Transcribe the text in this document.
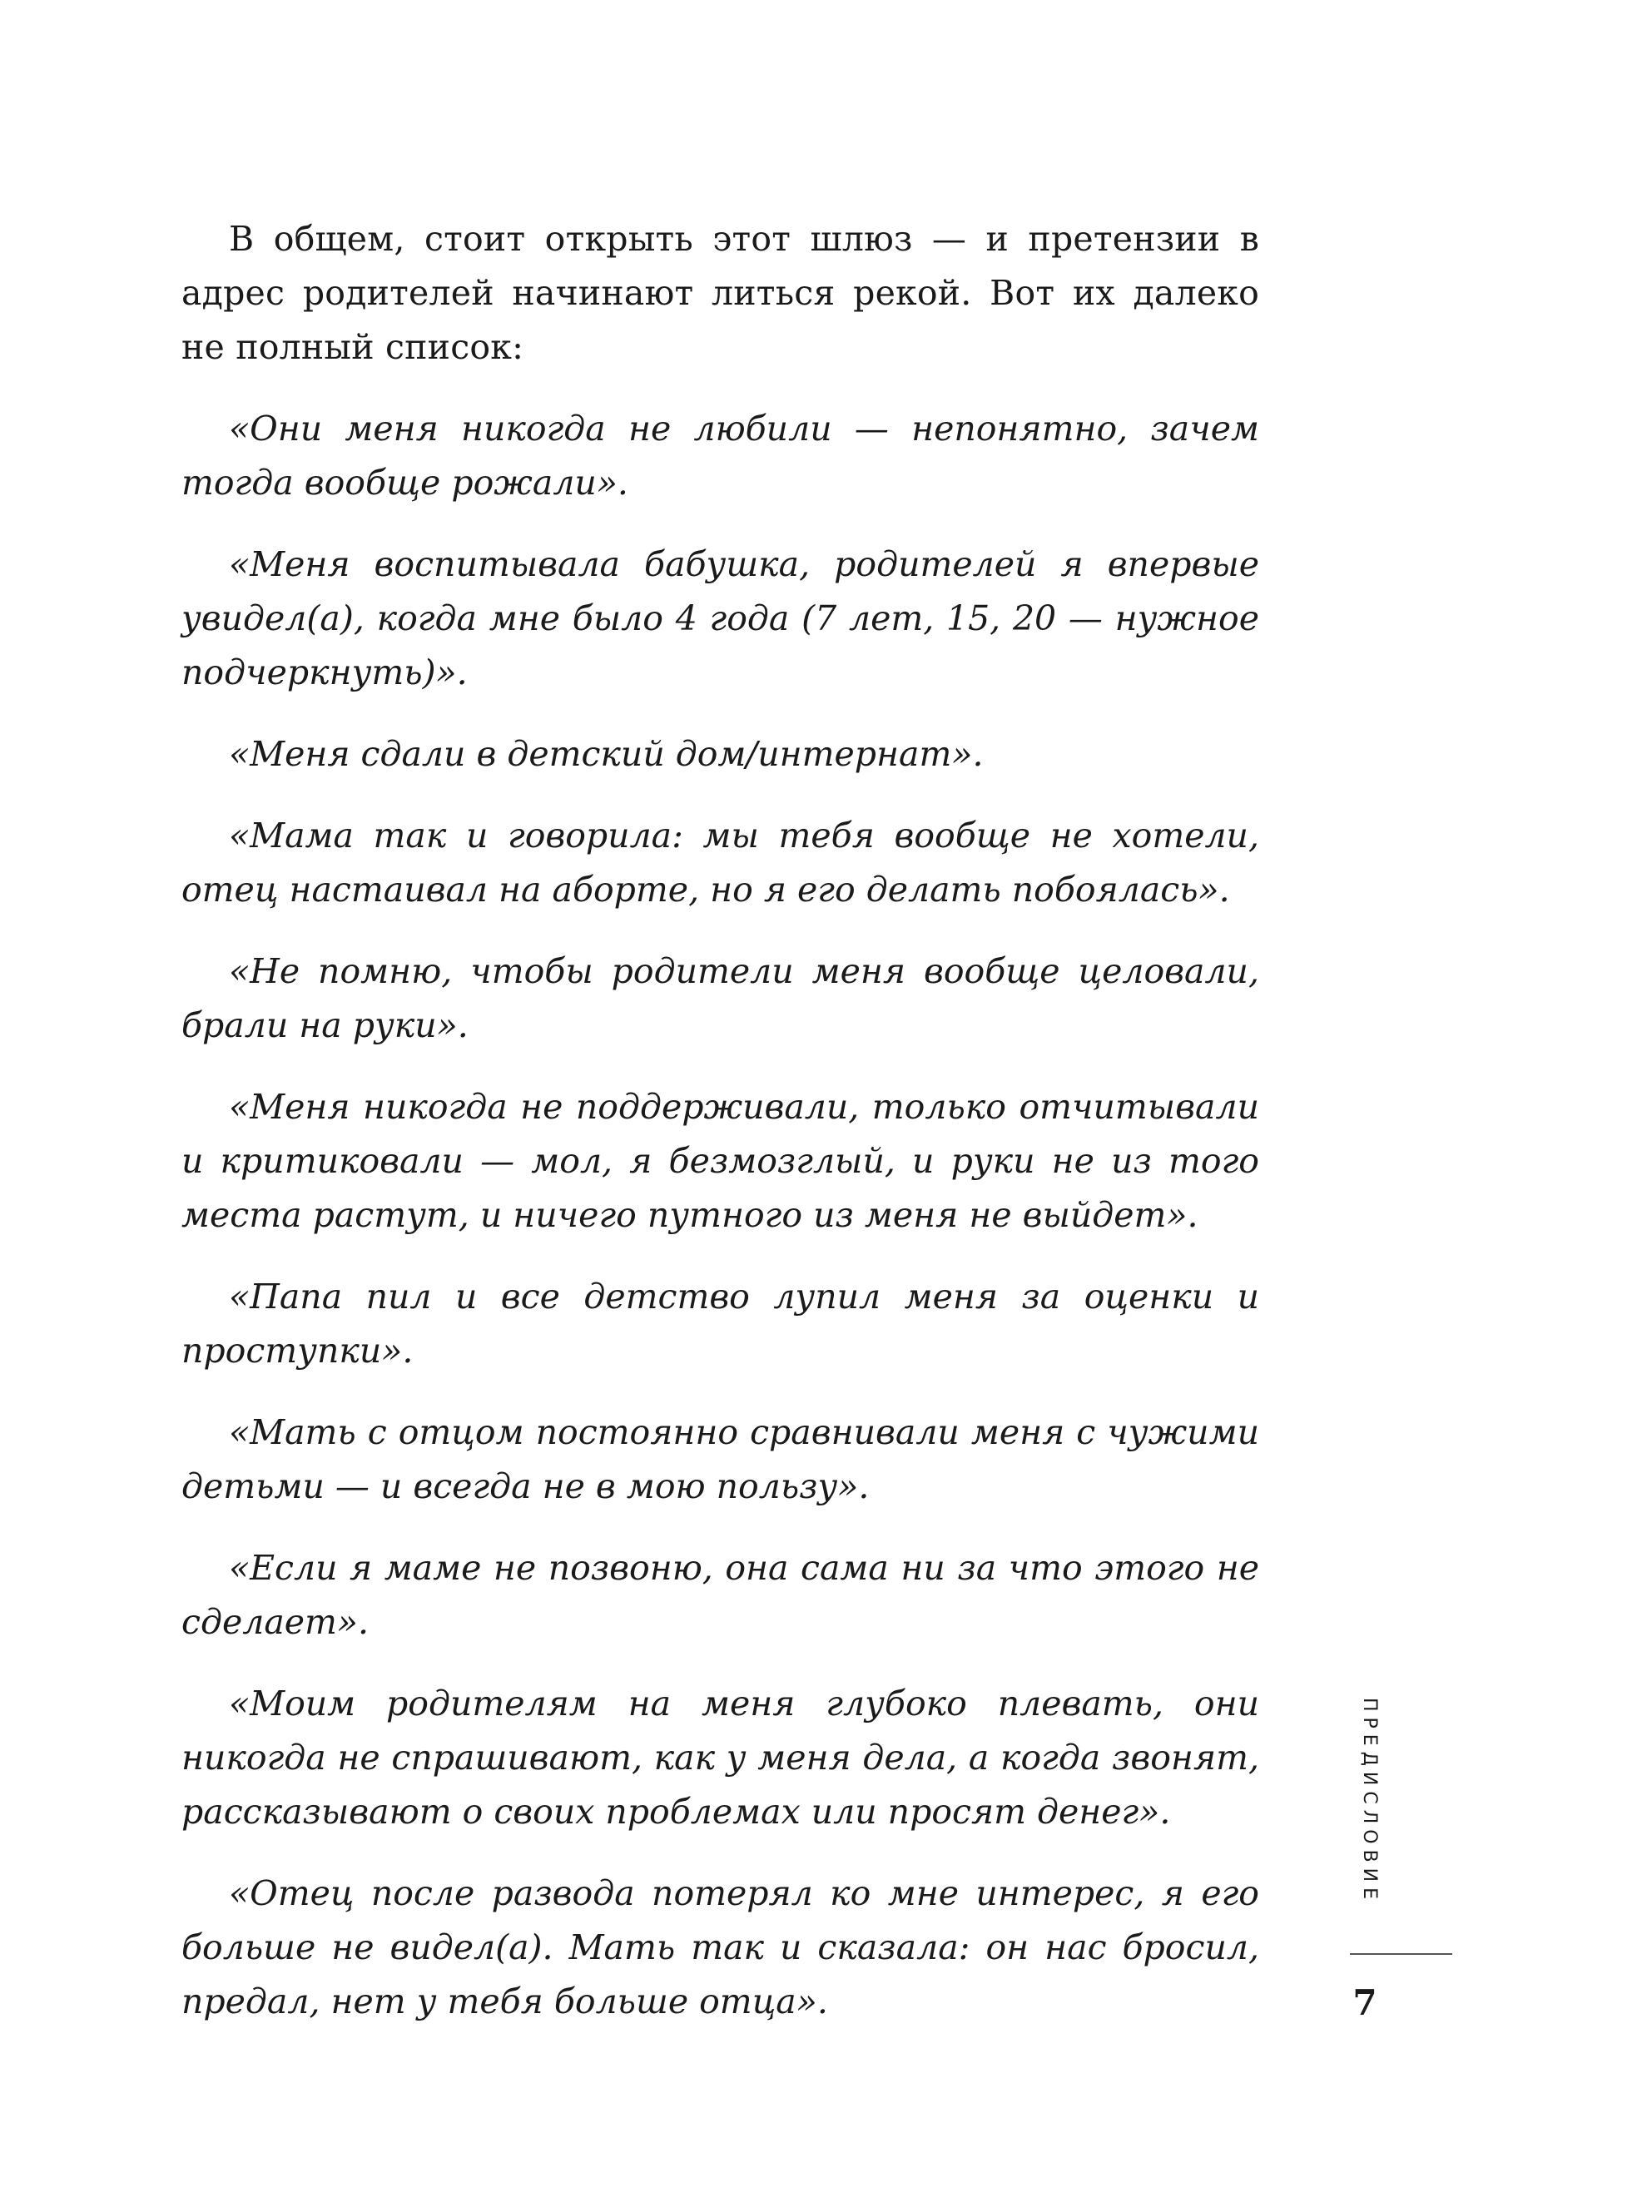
В общем, стоит открыть этот шлюз — и претензии в адрес родителей начинают литься рекой. Вот их далеко не полный список:

«Они меня никогда не любили — непонятно, зачем тогда вообще рожали».

«Меня воспитывала бабушка, родителей я впервые увидел(а), когда мне было 4 года (7 лет, 15, 20 — нужное подчеркнуть)».

«Меня сдали в детский дом/интернат».

«Мама так и говорила: мы тебя вообще не хотели, отец настаивал на аборте, но я его делать побоялась».

«Не помню, чтобы родители меня вообще целовали, брали на руки».

«Меня никогда не поддерживали, только отчитывали и критиковали — мол, я безмозглый, и руки не из того места растут, и ничего путного из меня не выйдет».

«Папа пил и все детство лупил меня за оценки и проступки».

«Мать с отцом постоянно сравнивали меня с чужими детьми — и всегда не в мою пользу».

«Если я маме не позвоню, она сама ни за что этого не сделает».

«Моим родителям на меня глубоко плевать, они никогда не спрашивают, как у меня дела, а когда звонят, рассказывают о своих проблемах или просят денег».

«Отец после развода потерял ко мне интерес, я его больше не видел(а). Мать так и сказала: он нас бросил, предал, нет у тебя больше отца».

ПРЕДИСЛОВИЕ
7
